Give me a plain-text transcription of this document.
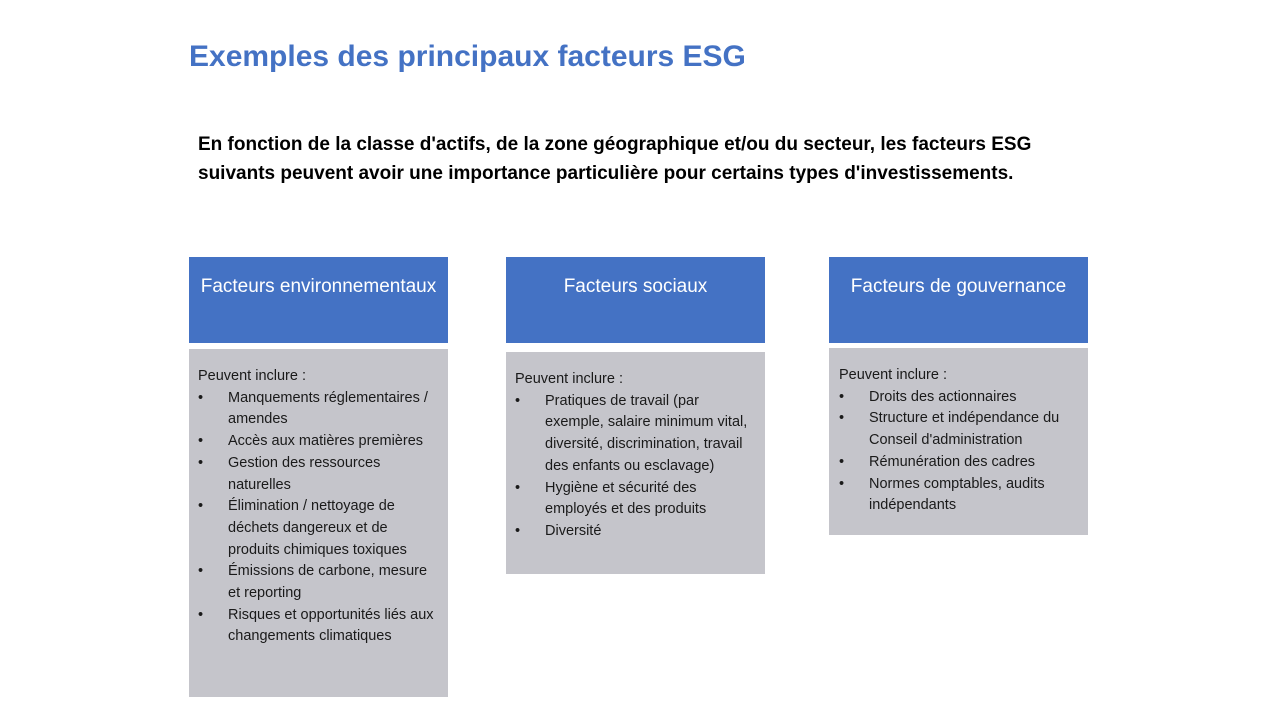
Exemples des principaux facteurs ESG

En fonction de la classe d'actifs, de la zone géographique et/ou du secteur, les facteurs ESG suivants peuvent avoir une importance particulière pour certains types d'investissements.

Facteurs environnementaux

Peuvent inclure :

•	Manquements réglementaires / amendes
•	Accès aux matières premières
•	Gestion des ressources naturelles
•	Élimination / nettoyage de déchets dangereux et de produits chimiques toxiques
•	Émissions de carbone, mesure et reporting
•	Risques et opportunités liés aux changements climatiques
Facteurs sociaux

Peuvent inclure :

•	Pratiques de travail (par exemple, salaire minimum vital, diversité, discrimination, travail des enfants ou esclavage)
•	Hygiène et sécurité des employés et des produits
•	Diversité
Facteurs de gouvernance

Peuvent inclure :

•	Droits des actionnaires
•	Structure et indépendance du Conseil d'administration
•	Rémunération des cadres
•	Normes comptables, audits indépendants
